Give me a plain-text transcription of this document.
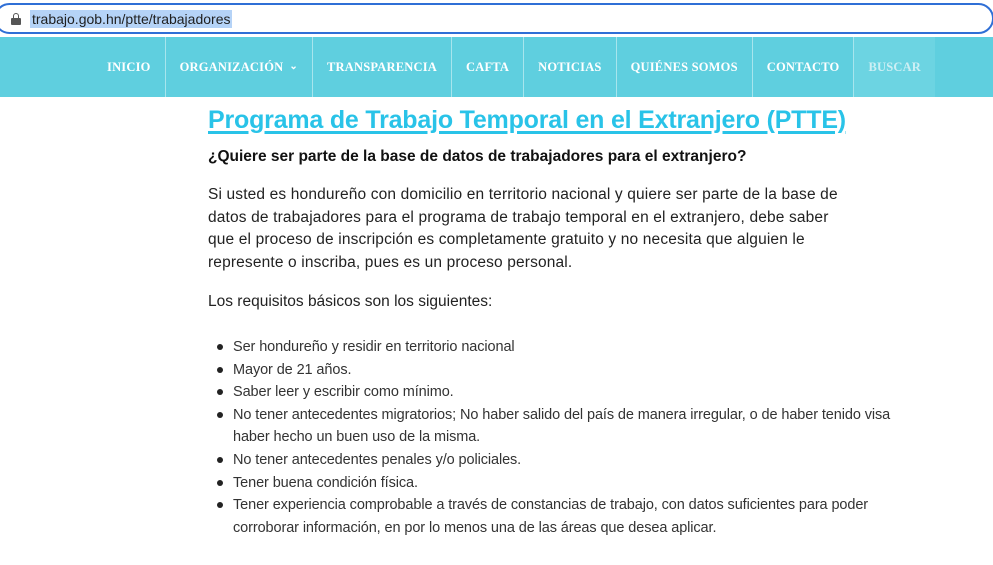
trabajo.gob.hn/ptte/trabajadores
INICIO ORGANIZACIÓN ⌄ TRANSPARENCIA CAFTA NOTICIAS QUIÉNES SOMOS CONTACTO BUSCAR
Programa de Trabajo Temporal en el Extranjero (PTTE)
¿Quiere ser parte de la base de datos de trabajadores para el extranjero?
Si usted es hondureño con domicilio en territorio nacional y quiere ser parte de la base de
datos de trabajadores para el programa de trabajo temporal en el extranjero, debe saber
que el proceso de inscripción es completamente gratuito y no necesita que alguien le
represente o inscriba, pues es un proceso personal.
Los requisitos básicos son los siguientes:
Ser hondureño y residir en territorio nacional
Mayor de 21 años.
Saber leer y escribir como mínimo.
No tener antecedentes migratorios; No haber salido del país de manera irregular, o de haber tenido visa
haber hecho un buen uso de la misma.
No tener antecedentes penales y/o policiales.
Tener buena condición física.
Tener experiencia comprobable a través de constancias de trabajo, con datos suficientes para poder
corroborar información, en por lo menos una de las áreas que desea aplicar.
